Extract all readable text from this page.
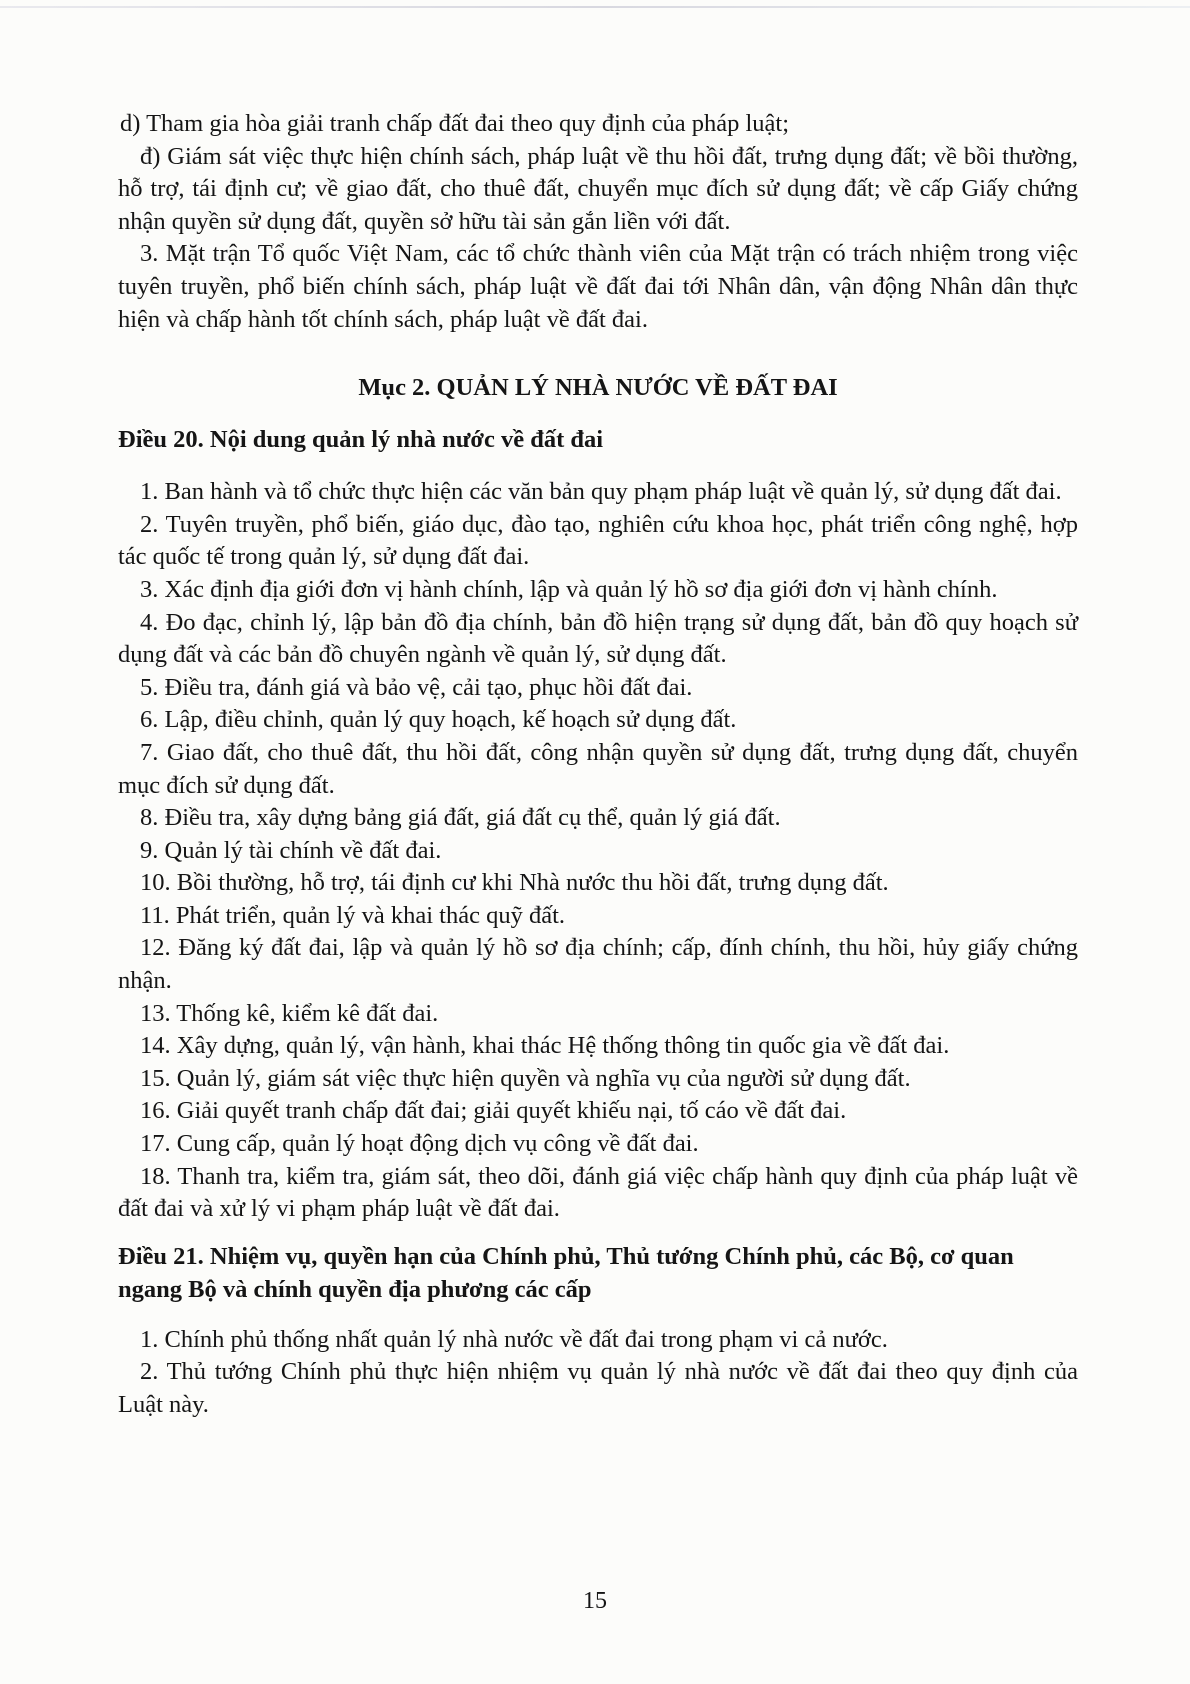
d) Tham gia hòa giải tranh chấp đất đai theo quy định của pháp luật;

đ) Giám sát việc thực hiện chính sách, pháp luật về thu hồi đất, trưng dụng đất; về bồi thường, hỗ trợ, tái định cư; về giao đất, cho thuê đất, chuyển mục đích sử dụng đất; về cấp Giấy chứng nhận quyền sử dụng đất, quyền sở hữu tài sản gắn liền với đất.

3. Mặt trận Tổ quốc Việt Nam, các tổ chức thành viên của Mặt trận có trách nhiệm trong việc tuyên truyền, phổ biến chính sách, pháp luật về đất đai tới Nhân dân, vận động Nhân dân thực hiện và chấp hành tốt chính sách, pháp luật về đất đai.

Mục 2. QUẢN LÝ NHÀ NƯỚC VỀ ĐẤT ĐAI
Điều 20. Nội dung quản lý nhà nước về đất đai

1. Ban hành và tổ chức thực hiện các văn bản quy phạm pháp luật về quản lý, sử dụng đất đai.

2. Tuyên truyền, phổ biến, giáo dục, đào tạo, nghiên cứu khoa học, phát triển công nghệ, hợp tác quốc tế trong quản lý, sử dụng đất đai.

3. Xác định địa giới đơn vị hành chính, lập và quản lý hồ sơ địa giới đơn vị hành chính.

4. Đo đạc, chỉnh lý, lập bản đồ địa chính, bản đồ hiện trạng sử dụng đất, bản đồ quy hoạch sử dụng đất và các bản đồ chuyên ngành về quản lý, sử dụng đất.

5. Điều tra, đánh giá và bảo vệ, cải tạo, phục hồi đất đai.

6. Lập, điều chỉnh, quản lý quy hoạch, kế hoạch sử dụng đất.

7. Giao đất, cho thuê đất, thu hồi đất, công nhận quyền sử dụng đất, trưng dụng đất, chuyển mục đích sử dụng đất.

8. Điều tra, xây dựng bảng giá đất, giá đất cụ thể, quản lý giá đất.

9. Quản lý tài chính về đất đai.

10. Bồi thường, hỗ trợ, tái định cư khi Nhà nước thu hồi đất, trưng dụng đất.

11. Phát triển, quản lý và khai thác quỹ đất.

12. Đăng ký đất đai, lập và quản lý hồ sơ địa chính; cấp, đính chính, thu hồi, hủy giấy chứng nhận.

13. Thống kê, kiểm kê đất đai.

14. Xây dựng, quản lý, vận hành, khai thác Hệ thống thông tin quốc gia về đất đai.

15. Quản lý, giám sát việc thực hiện quyền và nghĩa vụ của người sử dụng đất.

16. Giải quyết tranh chấp đất đai; giải quyết khiếu nại, tố cáo về đất đai.

17. Cung cấp, quản lý hoạt động dịch vụ công về đất đai.

18. Thanh tra, kiểm tra, giám sát, theo dõi, đánh giá việc chấp hành quy định của pháp luật về đất đai và xử lý vi phạm pháp luật về đất đai.

Điều 21. Nhiệm vụ, quyền hạn của Chính phủ, Thủ tướng Chính phủ, các Bộ, cơ quan ngang Bộ và chính quyền địa phương các cấp

1. Chính phủ thống nhất quản lý nhà nước về đất đai trong phạm vi cả nước.

2. Thủ tướng Chính phủ thực hiện nhiệm vụ quản lý nhà nước về đất đai theo quy định của Luật này.

15
